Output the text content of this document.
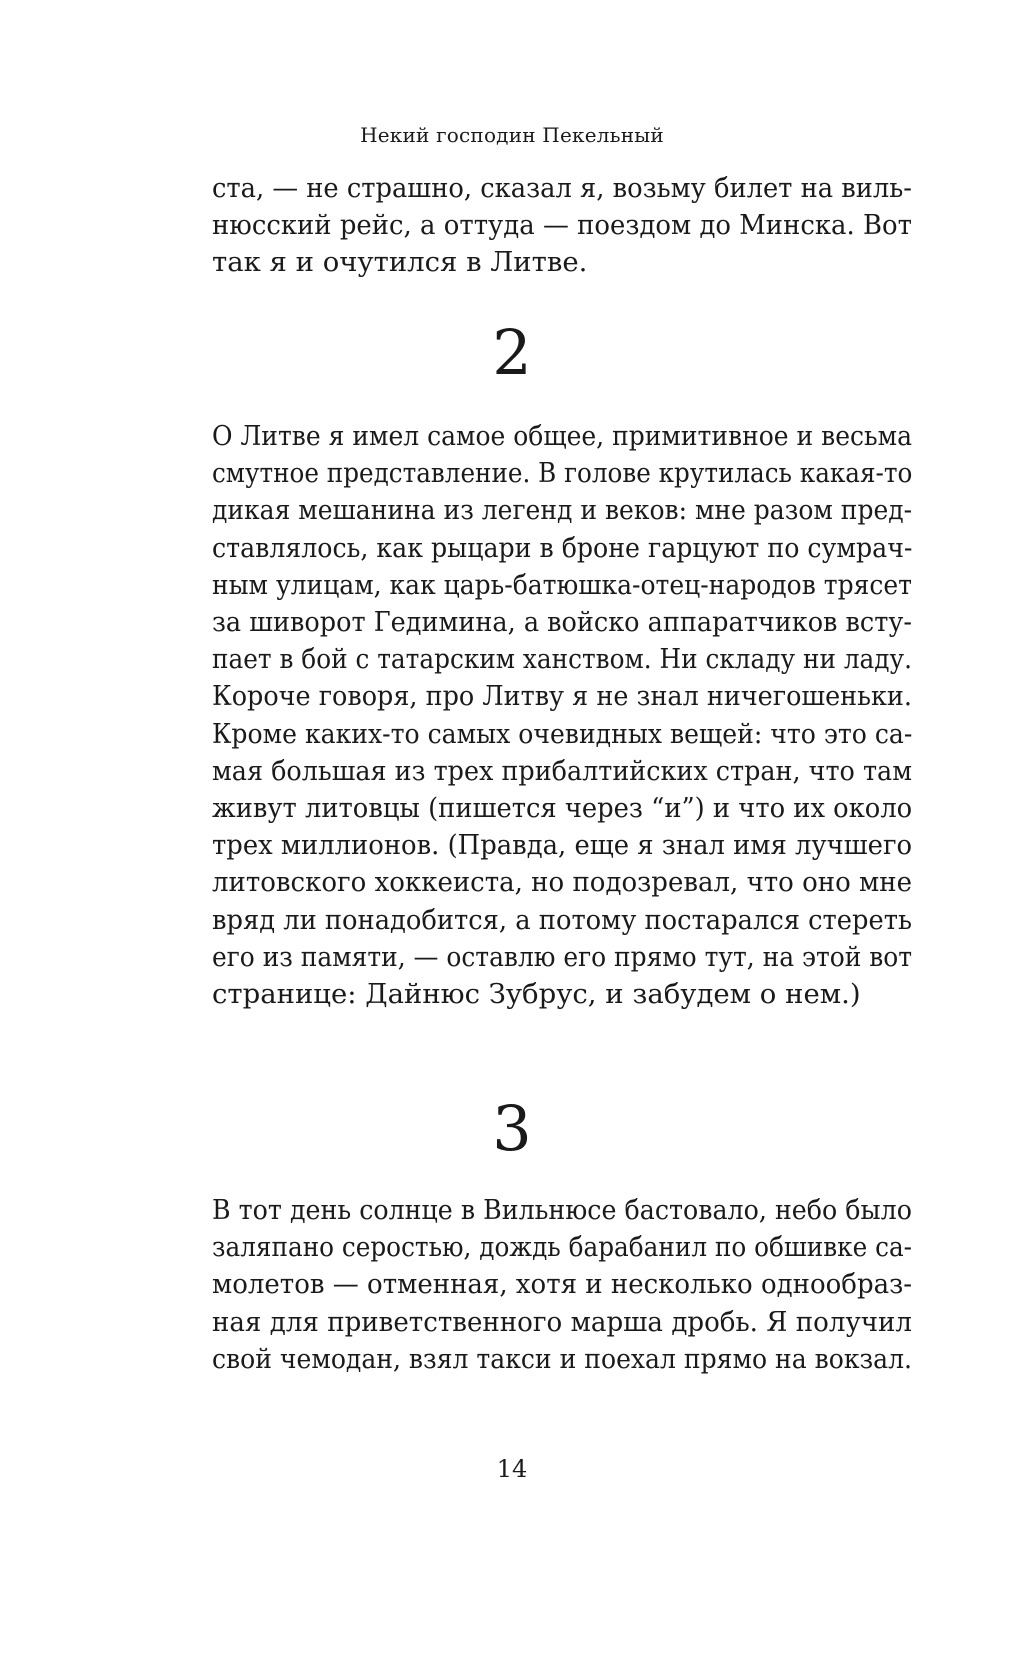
Некий господин Пекельный
ста, — не страшно, сказал я, возьму билет на виль-
нюсский рейс, а оттуда — поездом до Минска. Вот
так я и очутился в Литве.
2
О Литве я имел самое общее, примитивное и весьма
смутное представление. В голове крутилась какая-то
дикая мешанина из легенд и веков: мне разом пред-
ставлялось, как рыцари в броне гарцуют по сумрач-
ным улицам, как царь-батюшка-отец-народов трясет
за шиворот Гедимина, а войско аппаратчиков всту-
пает в бой с татарским ханством. Ни складу ни ладу.
Короче говоря, про Литву я не знал ничегошеньки.
Кроме каких-то самых очевидных вещей: что это са-
мая большая из трех прибалтийских стран, что там
живут литовцы (пишется через “и”) и что их около
трех миллионов. (Правда, еще я знал имя лучшего
литовского хоккеиста, но подозревал, что оно мне
вряд ли понадобится, а потому постарался стереть
его из памяти, — оставлю его прямо тут, на этой вот
странице: Дайнюс Зубрус, и забудем о нем.)
3
В тот день солнце в Вильнюсе бастовало, небо было
заляпано серостью, дождь барабанил по обшивке са-
молетов — отменная, хотя и несколько однообраз-
ная для приветственного марша дробь. Я получил
свой чемодан, взял такси и поехал прямо на вокзал.
14
